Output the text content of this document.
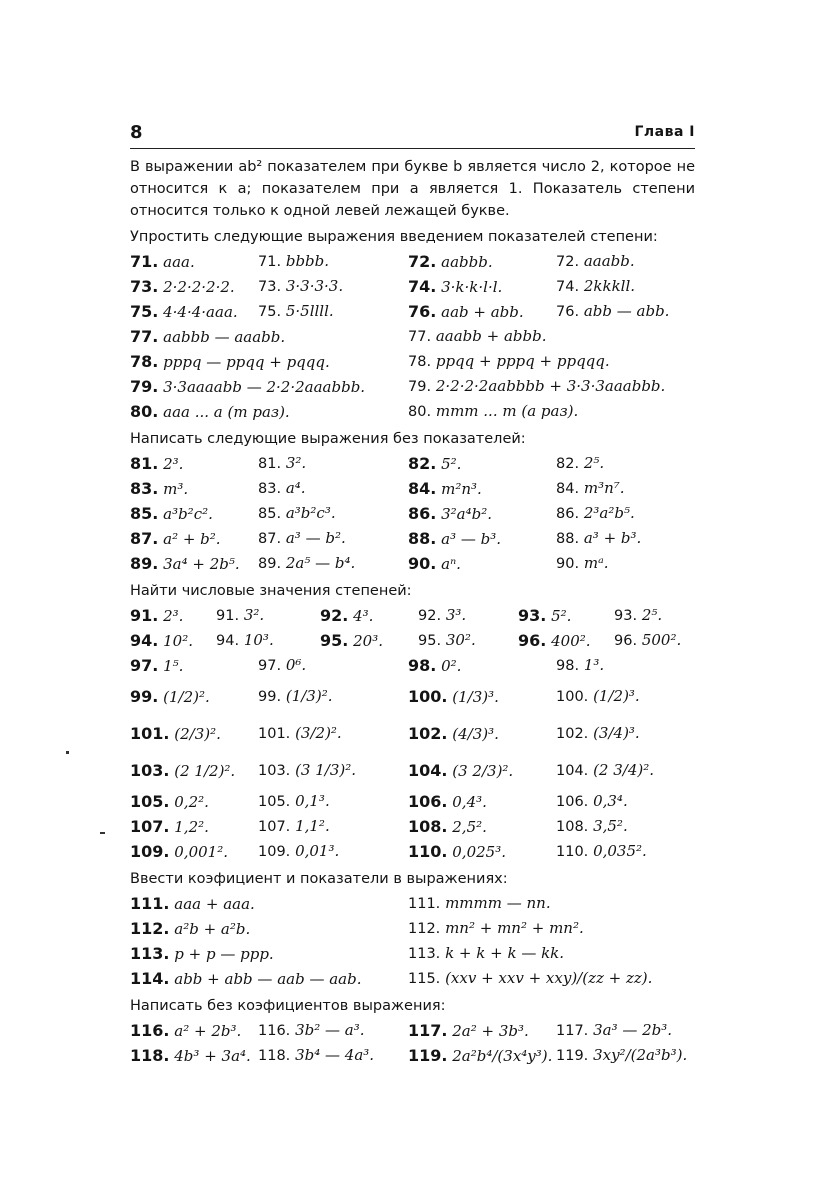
8	Глава I
В выражении ab² показателем при букве b является число 2, которое не относится к a; показателем при a является 1. Показатель степени относится только к одной левей лежащей букве.
Упростить следующие выражения введением показателей степени:
71. aaa.	71. bbbb.	72. aabbb.	72. aaabb.
73. 2·2·2·2·2. 73. 3·3·3·3.	74. 3·k·k·l·l.	74. 2kkkll.
75. 4·4·4·aaa. 75. 5·5llll.	76. aab + abb. 76. abb — abb.
77. aabbb — aaabb.	77. aaabb + abbb.
78. pppq — ppqq + pqqq.	78. ppqq + pppq + ppqqq.
79. 3·3aaaabb — 2·2·2aaabbb.	79. 2·2·2·2aabbbb + 3·3·3aaabbb.
80. aaa ... a (m раз).	80. mmm ... m (a раз).
Написать следующие выражения без показателей:
81. 2³.	81. 3².	82. 5².	82. 2⁵.
83. m³.	83. a⁴.	84. m²n³.	84. m³n⁷.
85. a³b²c².	85. a³b²c³.	86. 3²a⁴b².	86. 2³a²b⁵.
87. a² + b².	87. a³ — b².	88. a³ — b³.	88. a³ + b³.
89. 3a⁴ + 2b⁵. 89. 2a⁵ — b⁴.	90. aⁿ.	90. mᵃ.
Найти числовые значения степеней:
91. 2³. 91. 3².	92. 4³.	92. 3³.	93. 5².	93. 2⁵.
94. 10². 94. 10³.	95. 20³. 95. 30².	96. 400². 96. 500².
97. 1⁵.	97. 0⁶.	98. 0².	98. 1³.
99. (1/2)².	99. (1/3)².	100. (1/3)³.	100. (1/2)³.
101. (2/3)².	101. (3/2)².	102. (4/3)³.	102. (3/4)³.
103. (2 1/2)². 103. (3 1/3)².	104. (3 2/3)².	104. (2 3/4)².
105. 0,2².	105. 0,1³.	106. 0,4³.	106. 0,3⁴.
107. 1,2².	107. 1,1².	108. 2,5².	108. 3,5².
109. 0,001². 109. 0,01³.	110. 0,025³.	110. 0,035².
Ввести коэфициент и показатели в выражениях:
111. aaa + aaa.	111. mmmm — nn.
112. a²b + a²b.	112. mn² + mn² + mn².
113. p + p — ppp.	113. k + k + k — kk.
114. abb + abb — aab — aab.	115. (xxv + xxv + xxy)/(zz + zz).
Написать без коэфициентов выражения:
116. a² + 2b³. 116. 3b² — a³.	117. 2a² + 3b³. 117. 3a³ — 2b³.
118. 4b³ + 3a⁴. 118. 3b⁴ — 4a³. 119. 2a²b⁴/(3x⁴y³). 119. 3xy²/(2a³b³).
